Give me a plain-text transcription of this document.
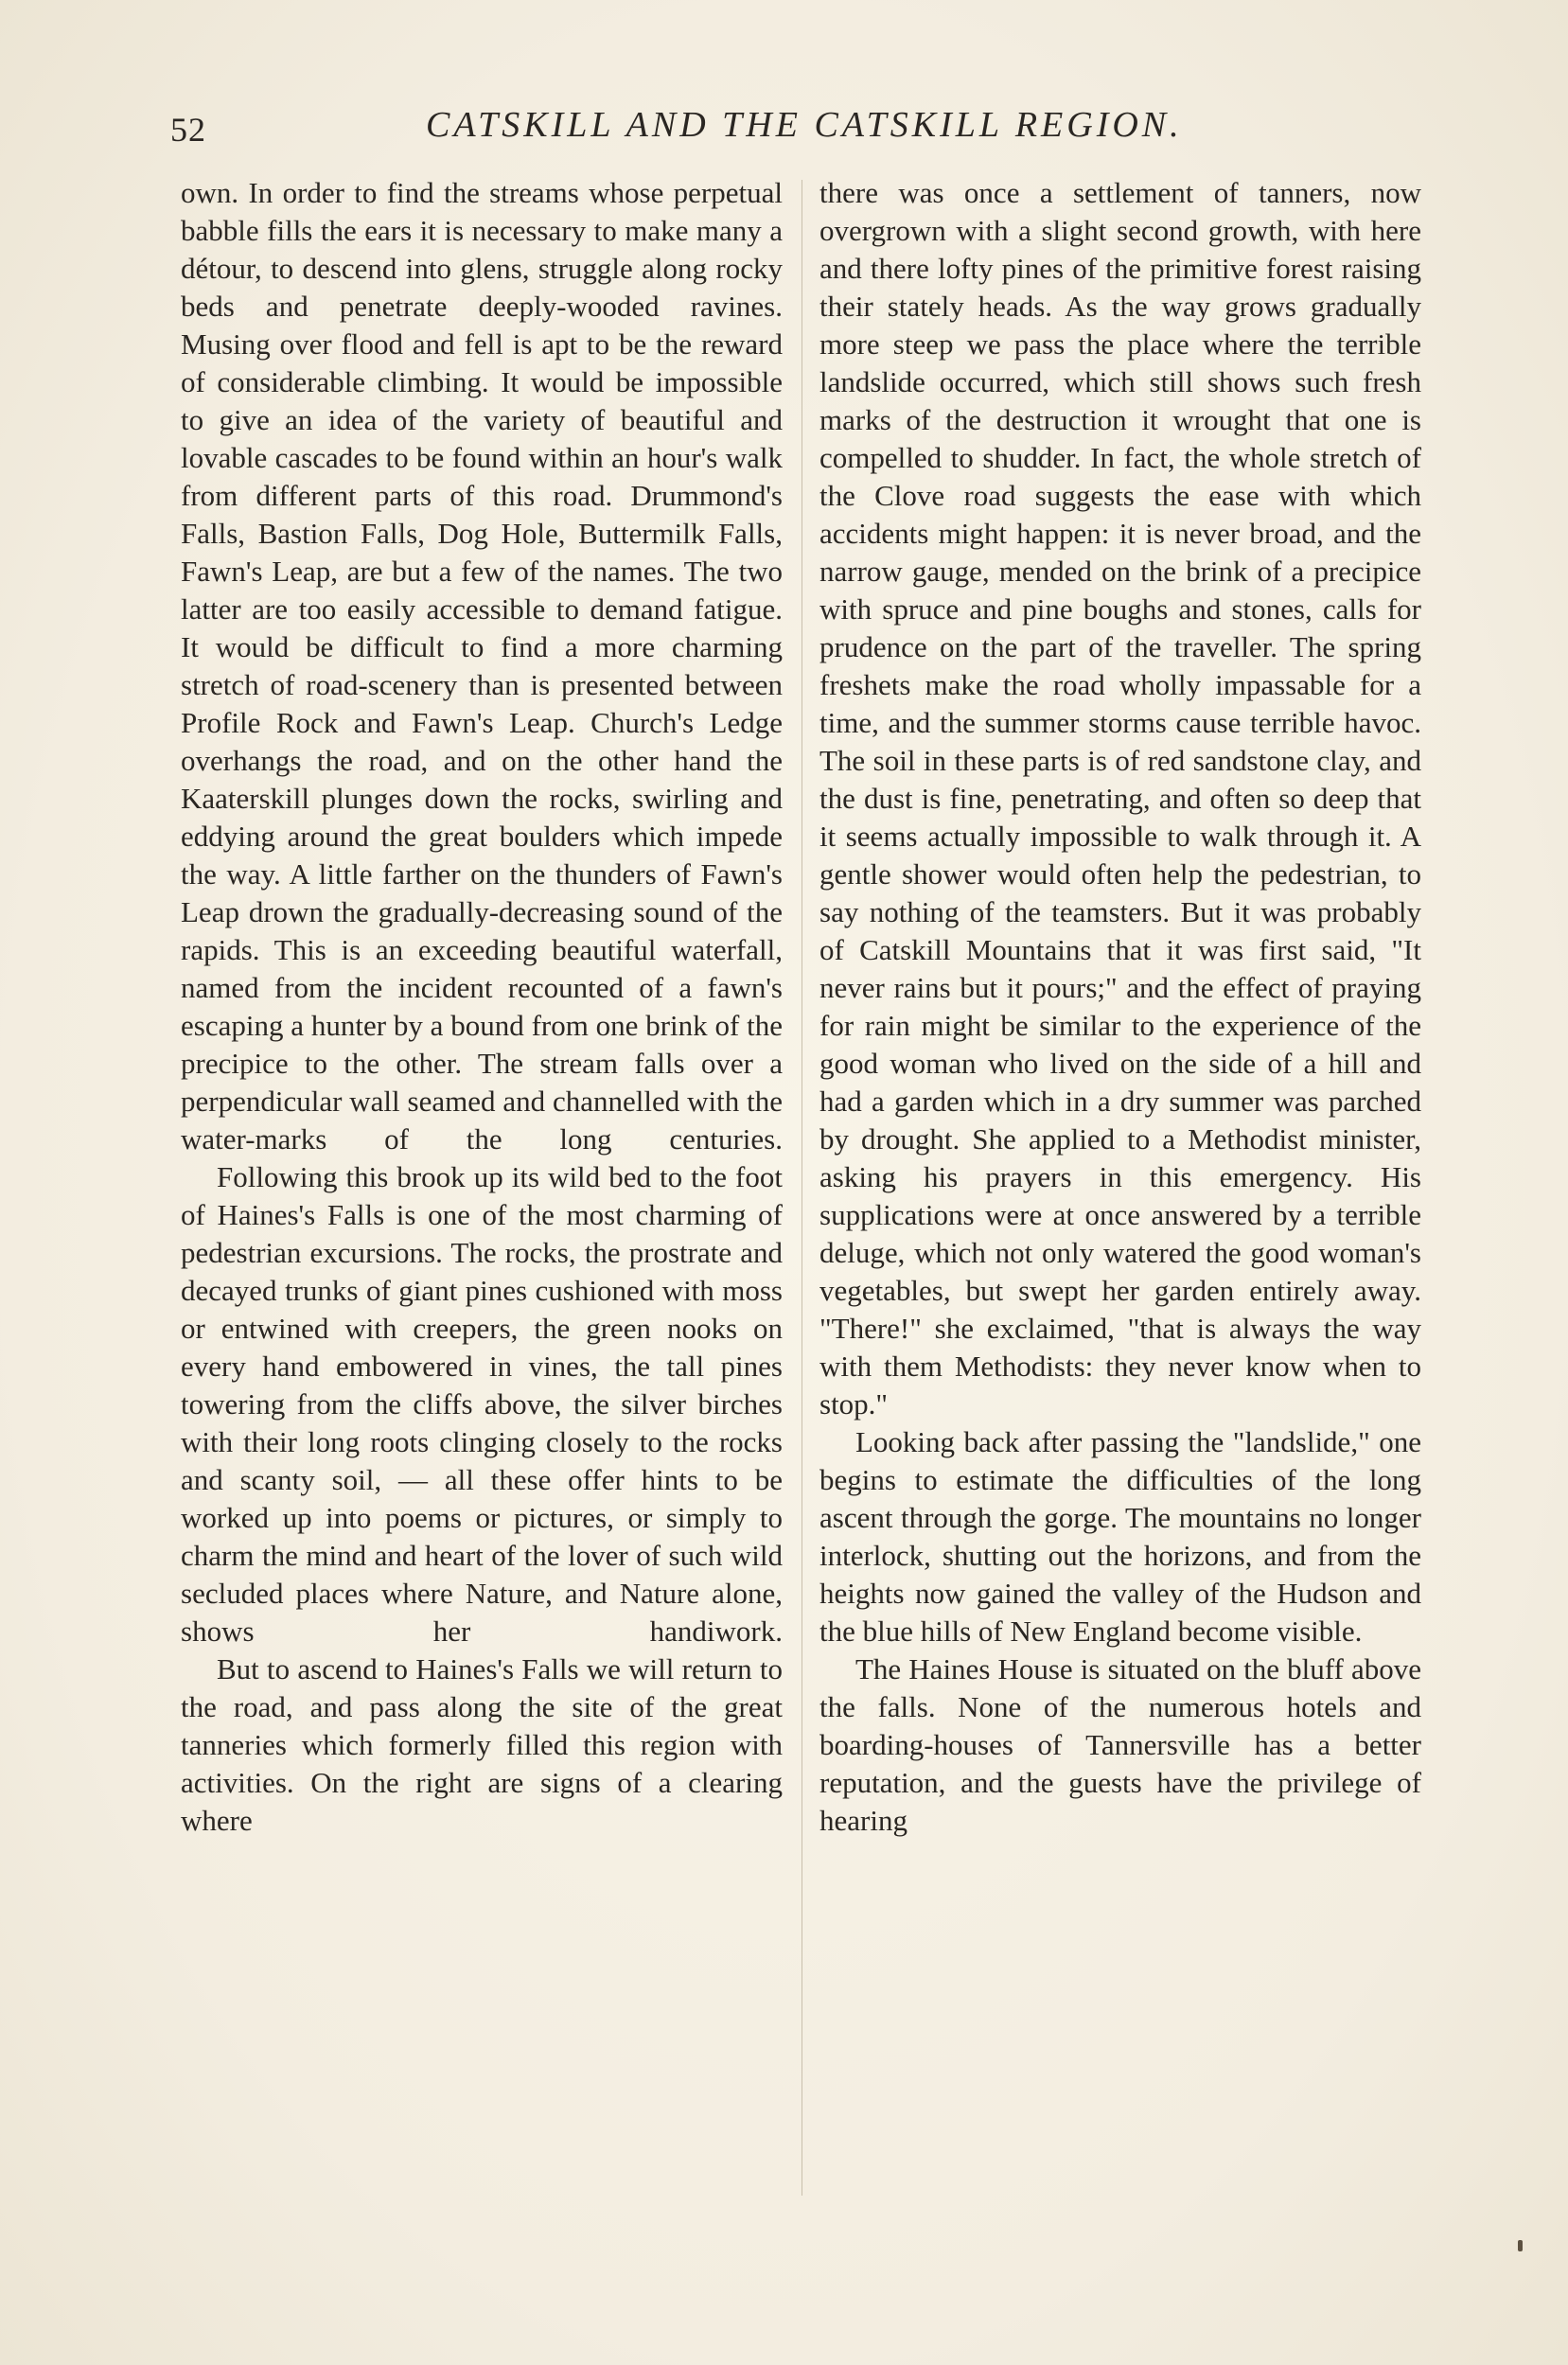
52	CATSKILL AND THE CATSKILL REGION.

own. In order to find the streams whose perpetual babble fills the ears it is necessary to make many a détour, to descend into glens, struggle along rocky beds and penetrate deeply-wooded ravines. Musing over flood and fell is apt to be the reward of considerable climbing. It would be impossible to give an idea of the variety of beautiful and lovable cascades to be found within an hour's walk from different parts of this road. Drummond's Falls, Bastion Falls, Dog Hole, Buttermilk Falls, Fawn's Leap, are but a few of the names. The two latter are too easily accessible to demand fatigue. It would be difficult to find a more charming stretch of road-scenery than is presented between Profile Rock and Fawn's Leap. Church's Ledge overhangs the road, and on the other hand the Kaaterskill plunges down the rocks, swirling and eddying around the great boulders which impede the way. A little farther on the thunders of Fawn's Leap drown the gradually-decreasing sound of the rapids. This is an exceeding beautiful waterfall, named from the incident recounted of a fawn's escaping a hunter by a bound from one brink of the precipice to the other. The stream falls over a perpendicular wall seamed and channelled with the water-marks of the long centuries.

Following this brook up its wild bed to the foot of Haines's Falls is one of the most charming of pedestrian excursions. The rocks, the prostrate and decayed trunks of giant pines cushioned with moss or entwined with creepers, the green nooks on every hand embowered in vines, the tall pines towering from the cliffs above, the silver birches with their long roots clinging closely to the rocks and scanty soil, — all these offer hints to be worked up into poems or pictures, or simply to charm the mind and heart of the lover of such wild secluded places where Nature, and Nature alone, shows her handiwork.

But to ascend to Haines's Falls we will return to the road, and pass along the site of the great tanneries which formerly filled this region with activities. On the right are signs of a clearing where

there was once a settlement of tanners, now overgrown with a slight second growth, with here and there lofty pines of the primitive forest raising their stately heads. As the way grows gradually more steep we pass the place where the terrible landslide occurred, which still shows such fresh marks of the destruction it wrought that one is compelled to shudder. In fact, the whole stretch of the Clove road suggests the ease with which accidents might happen: it is never broad, and the narrow gauge, mended on the brink of a precipice with spruce and pine boughs and stones, calls for prudence on the part of the traveller. The spring freshets make the road wholly impassable for a time, and the summer storms cause terrible havoc. The soil in these parts is of red sandstone clay, and the dust is fine, penetrating, and often so deep that it seems actually impossible to walk through it. A gentle shower would often help the pedestrian, to say nothing of the teamsters. But it was probably of Catskill Mountains that it was first said, "It never rains but it pours;" and the effect of praying for rain might be similar to the experience of the good woman who lived on the side of a hill and had a garden which in a dry summer was parched by drought. She applied to a Methodist minister, asking his prayers in this emergency. His supplications were at once answered by a terrible deluge, which not only watered the good woman's vegetables, but swept her garden entirely away. "There!" she exclaimed, "that is always the way with them Methodists: they never know when to stop."

Looking back after passing the "landslide," one begins to estimate the difficulties of the long ascent through the gorge. The mountains no longer interlock, shutting out the horizons, and from the heights now gained the valley of the Hudson and the blue hills of New England become visible.

The Haines House is situated on the bluff above the falls. None of the numerous hotels and boarding-houses of Tannersville has a better reputation, and the guests have the privilege of hearing
